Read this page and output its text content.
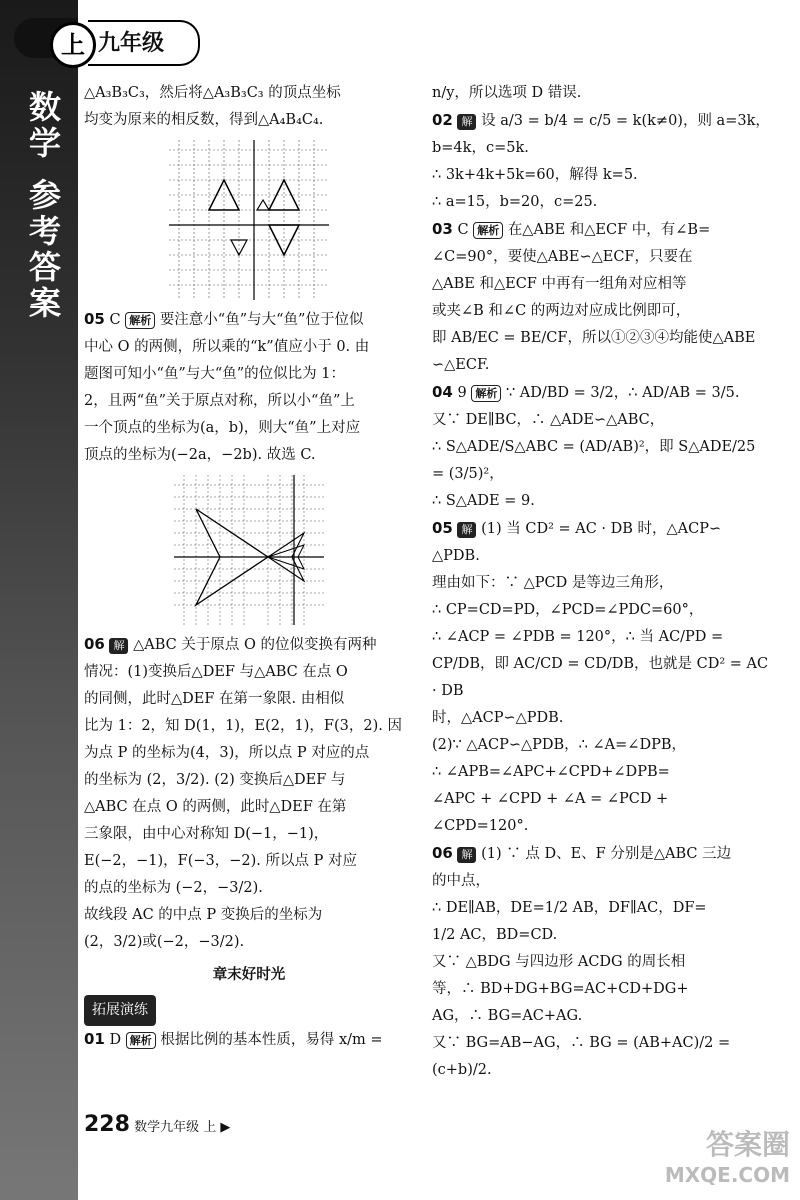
数学
参考答案
上 九年级

△A₃B₃C₃，然后将△A₃B₃C₃ 的顶点坐标

均变为原来的相反数，得到△A₄B₄C₄.

05 C 解析 要注意小“鱼”与大“鱼”位于位似

中心 O 的两侧，所以乘的“k”值应小于 0. 由

题图可知小“鱼”与大“鱼”的位似比为 1：

2，且两“鱼”关于原点对称，所以小“鱼”上

一个顶点的坐标为(a，b)，则大“鱼”上对应

顶点的坐标为(−2a，−2b). 故选 C.

06 解 △ABC 关于原点 O 的位似变换有两种

情况：(1)变换后△DEF 与△ABC 在点 O

的同侧，此时△DEF 在第一象限. 由相似

比为 1：2，知 D(1，1)，E(2，1)，F(3，2). 因

为点 P 的坐标为(4，3)，所以点 P 对应的点

的坐标为 (2，3/2). (2) 变换后△DEF 与

△ABC 在点 O 的两侧，此时△DEF 在第

三象限，由中心对称知 D(−1，−1)，

E(−2，−1)，F(−3，−2). 所以点 P 对应

的点的坐标为 (−2，−3/2).

故线段 AC 的中点 P 变换后的坐标为

(2，3/2)或(−2，−3/2).

章末好时光

拓展演练

01 D 解析 根据比例的基本性质，易得 x/m =

n/y，所以选项 D 错误.

02 解 设 a/3 = b/4 = c/5 = k(k≠0)，则 a=3k，

b=4k，c=5k.

∴ 3k+4k+5k=60，解得 k=5.

∴ a=15，b=20，c=25.

03 C 解析 在△ABE 和△ECF 中，有∠B=

∠C=90°，要使△ABE∽△ECF，只要在

△ABE 和△ECF 中再有一组角对应相等

或夹∠B 和∠C 的两边对应成比例即可，

即 AB/EC = BE/CF，所以①②③④均能使△ABE

∽△ECF.

04 9 解析 ∵ AD/BD = 3/2，∴ AD/AB = 3/5.

又∵ DE∥BC，∴ △ADE∽△ABC，

∴ S△ADE/S△ABC = (AD/AB)²，即 S△ADE/25 = (3/5)²，

∴ S△ADE = 9.

05 解 (1) 当 CD² = AC · DB 时，△ACP∽

△PDB.

理由如下：∵ △PCD 是等边三角形，

∴ CP=CD=PD，∠PCD=∠PDC=60°，

∴ ∠ACP = ∠PDB = 120°，∴ 当 AC/PD =

CP/DB，即 AC/CD = CD/DB，也就是 CD² = AC · DB

时，△ACP∽△PDB.

(2)∵ △ACP∽△PDB，∴ ∠A=∠DPB，

∴ ∠APB=∠APC+∠CPD+∠DPB=

∠APC + ∠CPD + ∠A = ∠PCD +

∠CPD=120°.

06 解 (1) ∵ 点 D、E、F 分别是△ABC 三边

的中点，

∴ DE∥AB，DE=1/2 AB，DF∥AC，DF=

1/2 AC，BD=CD.

又∵ △BDG 与四边形 ACDG 的周长相

等，∴ BD+DG+BG=AC+CD+DG+

AG，∴ BG=AC+AG.

又∵ BG=AB−AG，∴ BG = (AB+AC)/2 = (c+b)/2.

228 数学九年级 上 ▶
答案圈
MXQE.COM
